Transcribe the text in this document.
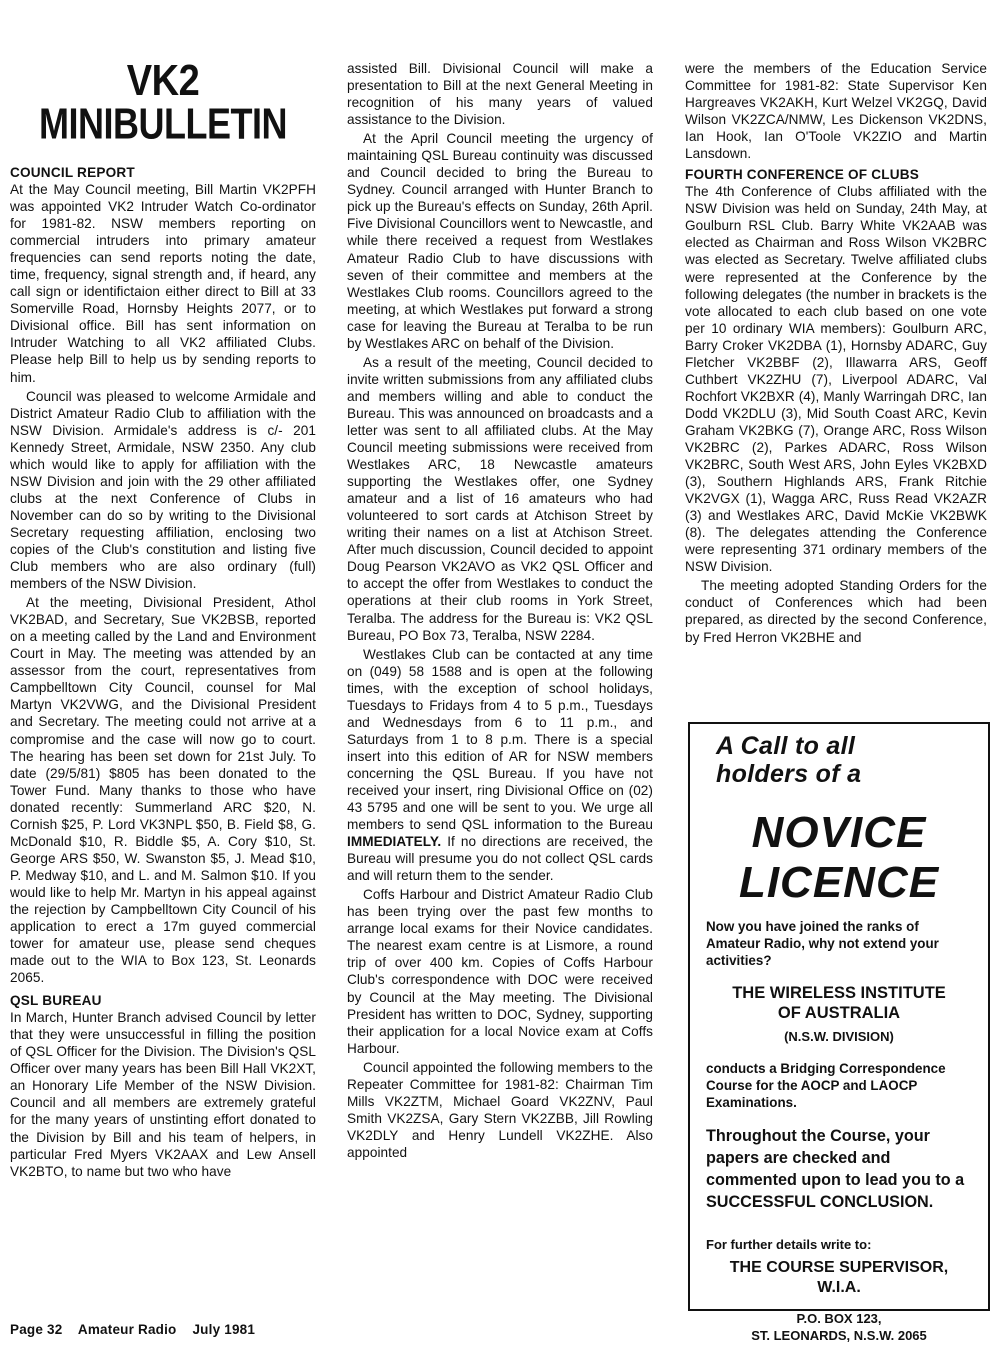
VK2
MINIBULLETIN
COUNCIL REPORT

At the May Council meeting, Bill Martin VK2PFH was appointed VK2 Intruder Watch Co-ordinator for 1981-82. NSW members reporting on commercial intruders into primary amateur frequencies can send reports noting the date, time, frequency, signal strength and, if heard, any call sign or identifictaion either direct to Bill at 33 Somerville Road, Hornsby Heights 2077, or to Divisional office. Bill has sent information on Intruder Watching to all VK2 affiliated Clubs. Please help Bill to help us by sending reports to him.

Council was pleased to welcome Armidale and District Amateur Radio Club to affiliation with the NSW Division. Armidale's address is c/- 201 Kennedy Street, Armidale, NSW 2350. Any club which would like to apply for affiliation with the NSW Division and join with the 29 other affiliated clubs at the next Conference of Clubs in November can do so by writing to the Divisional Secretary requesting affiliation, enclosing two copies of the Club's constitution and listing five Club members who are also ordinary (full) members of the NSW Division.

At the meeting, Divisional President, Athol VK2BAD, and Secretary, Sue VK2BSB, reported on a meeting called by the Land and Environment Court in May. The meeting was attended by an assessor from the court, representatives from Campbelltown City Council, counsel for Mal Martyn VK2VWG, and the Divisional President and Secretary. The meeting could not arrive at a compromise and the case will now go to court. The hearing has been set down for 21st July. To date (29/5/81) $805 has been donated to the Tower Fund. Many thanks to those who have donated recently: Summerland ARC $20, N. Cornish $25, P. Lord VK3NPL $50, B. Field $8, G. McDonald $10, R. Biddle $5, A. Cory $10, St. George ARS $50, W. Swanston $5, J. Mead $10, P. Medway $10, and L. and M. Salmon $10. If you would like to help Mr. Martyn in his appeal against the rejection by Campbelltown City Council of his application to erect a 17m guyed commercial tower for amateur use, please send cheques made out to the WIA to Box 123, St. Leonards 2065.

QSL BUREAU

In March, Hunter Branch advised Council by letter that they were unsuccessful in filling the position of QSL Officer for the Division. The Division's QSL Officer over many years has been Bill Hall VK2XT, an Honorary Life Member of the NSW Division. Council and all members are extremely grateful for the many years of unstinting effort donated to the Division by Bill and his team of helpers, in particular Fred Myers VK2AAX and Lew Ansell VK2BTO, to name but two who have

assisted Bill. Divisional Council will make a presentation to Bill at the next General Meeting in recognition of his many years of valued assistance to the Division.

At the April Council meeting the urgency of maintaining QSL Bureau continuity was discussed and Council decided to bring the Bureau to Sydney. Council arranged with Hunter Branch to pick up the Bureau's effects on Sunday, 26th April. Five Divisional Councillors went to Newcastle, and while there received a request from Westlakes Amateur Radio Club to have discussions with seven of their committee and members at the Westlakes Club rooms. Councillors agreed to the meeting, at which Westlakes put forward a strong case for leaving the Bureau at Teralba to be run by Westlakes ARC on behalf of the Division.

As a result of the meeting, Council decided to invite written submissions from any affiliated clubs and members willing and able to conduct the Bureau. This was announced on broadcasts and a letter was sent to all affiliated clubs. At the May Council meeting submissions were received from Westlakes ARC, 18 Newcastle amateurs supporting the Westlakes offer, one Sydney amateur and a list of 16 amateurs who had volunteered to sort cards at Atchison Street by writing their names on a list at Atchison Street. After much discussion, Council decided to appoint Doug Pearson VK2AVO as VK2 QSL Officer and to accept the offer from Westlakes to conduct the operations at their club rooms in York Street, Teralba. The address for the Bureau is: VK2 QSL Bureau, PO Box 73, Teralba, NSW 2284.

Westlakes Club can be contacted at any time on (049) 58 1588 and is open at the following times, with the exception of school holidays, Tuesdays to Fridays from 4 to 5 p.m., Tuesdays and Wednesdays from 6 to 11 p.m., and Saturdays from 1 to 8 p.m. There is a special insert into this edition of AR for NSW members concerning the QSL Bureau. If you have not received your insert, ring Divisional Office on (02) 43 5795 and one will be sent to you. We urge all members to send QSL information to the Bureau IMMEDIATELY. If no directions are received, the Bureau will presume you do not collect QSL cards and will return them to the sender.

Coffs Harbour and District Amateur Radio Club has been trying over the past few months to arrange local exams for their Novice candidates. The nearest exam centre is at Lismore, a round trip of over 400 km. Copies of Coffs Harbour Club's correspondence with DOC were received by Council at the May meeting. The Divisional President has written to DOC, Sydney, supporting their application for a local Novice exam at Coffs Harbour.

Council appointed the following members to the Repeater Committee for 1981-82: Chairman Tim Mills VK2ZTM, Michael Goard VK2ZNV, Paul Smith VK2ZSA, Gary Stern VK2ZBB, Jill Rowling VK2DLY and Henry Lundell VK2ZHE. Also appointed

were the members of the Education Service Committee for 1981-82: State Supervisor Ken Hargreaves VK2AKH, Kurt Welzel VK2GQ, David Wilson VK2ZCA/NMW, Les Dickenson VK2DNS, Ian Hook, Ian O'Toole VK2ZIO and Martin Lansdown.

FOURTH CONFERENCE OF CLUBS

The 4th Conference of Clubs affiliated with the NSW Division was held on Sunday, 24th May, at Goulburn RSL Club. Barry White VK2AAB was elected as Chairman and Ross Wilson VK2BRC was elected as Secretary. Twelve affiliated clubs were represented at the Conference by the following delegates (the number in brackets is the vote allocated to each club based on one vote per 10 ordinary WIA members): Goulburn ARC, Barry Croker VK2DBA (1), Hornsby ADARC, Guy Fletcher VK2BBF (2), Illawarra ARS, Geoff Cuthbert VK2ZHU (7), Liverpool ADARC, Val Rochfort VK2BXR (4), Manly Warringah DRC, Ian Dodd VK2DLU (3), Mid South Coast ARC, Kevin Graham VK2BKG (7), Orange ARC, Ross Wilson VK2BRC (2), Parkes ADARC, Ross Wilson VK2BRC, South West ARS, John Eyles VK2BXD (3), Southern Highlands ARS, Frank Ritchie VK2VGX (1), Wagga ARC, Russ Read VK2AZR (3) and Westlakes ARC, David McKie VK2BWK (8). The delegates attending the Conference were representing 371 ordinary members of the NSW Division.

The meeting adopted Standing Orders for the conduct of Conferences which had been prepared, as directed by the second Conference, by Fred Herron VK2BHE and

A Call to all
holders of a
NOVICE
LICENCE
Now you have joined the ranks of Amateur Radio, why not extend your activities?
THE WIRELESS INSTITUTE
OF AUSTRALIA
(N.S.W. DIVISION)
conducts a Bridging Correspondence Course for the AOCP and LAOCP Examinations.
Throughout the Course, your papers are checked and commented upon to lead you to a SUCCESSFUL CONCLUSION.
For further details write to:
THE COURSE SUPERVISOR,
W.I.A.
P.O. BOX 123,
ST. LEONARDS, N.S.W. 2065
Page 32 Amateur Radio July 1981
